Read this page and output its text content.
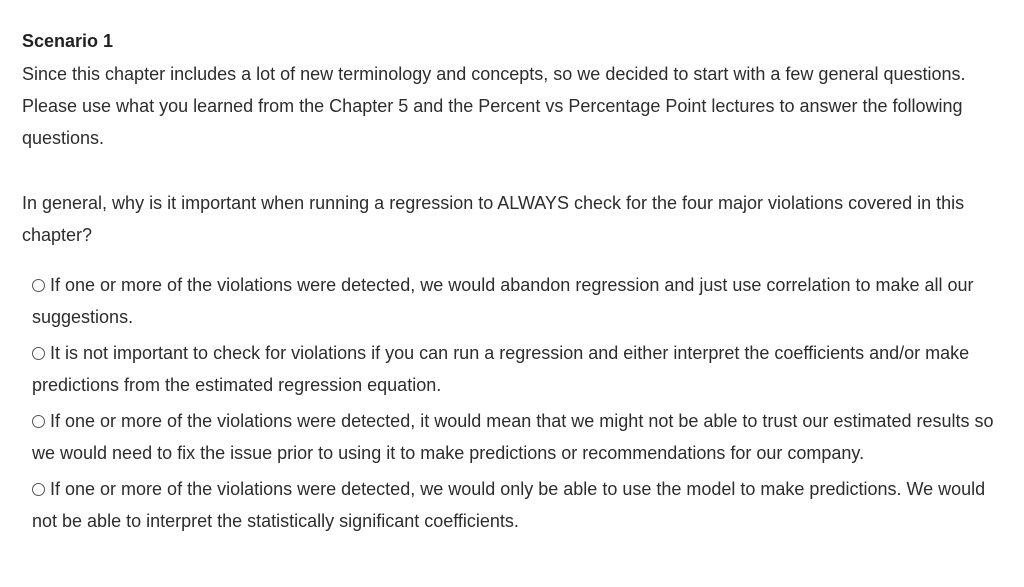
Scenario 1

Since this chapter includes a lot of new terminology and concepts, so we decided to start with a few general questions. Please use what you learned from the Chapter 5 and the Percent vs Percentage Point lectures to answer the following questions.

In general, why is it important when running a regression to ALWAYS check for the four major violations covered in this chapter?

If one or more of the violations were detected, we would abandon regression and just use correlation to make all our suggestions.
It is not important to check for violations if you can run a regression and either interpret the coefficients and/or make predictions from the estimated regression equation.
If one or more of the violations were detected, it would mean that we might not be able to trust our estimated results so we would need to fix the issue prior to using it to make predictions or recommendations for our company.
If one or more of the violations were detected, we would only be able to use the model to make predictions. We would not be able to interpret the statistically significant coefficients.
